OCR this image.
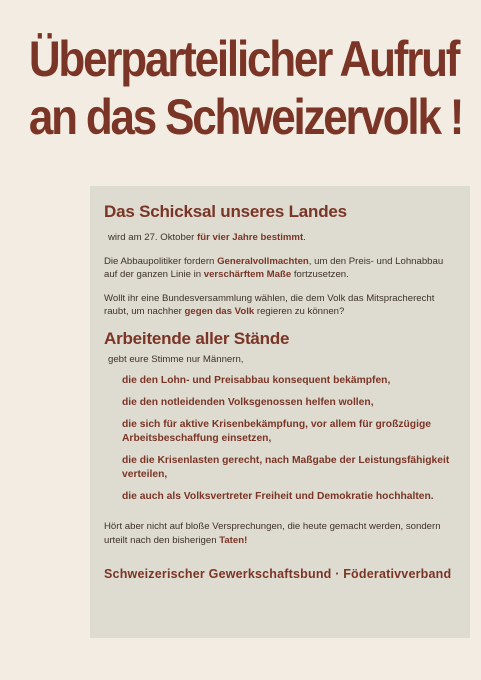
Überparteilicher Aufruf
an das Schweizervolk !
Das Schicksal unseres Landes

wird am 27. Oktober für vier Jahre bestimmt.

Die Abbaupolitiker fordern Generalvollmachten, um den Preis- und Lohnabbau auf der ganzen Linie in verschärftem Maße fortzusetzen.

Wollt ihr eine Bundesversammlung wählen, die dem Volk das Mitspracherecht raubt, um nachher gegen das Volk regieren zu können?

Arbeitende aller Stände

gebt eure Stimme nur Männern,

die den Lohn- und Preisabbau konsequent bekämpfen,

die den notleidenden Volksgenossen helfen wollen,

die sich für aktive Krisenbekämpfung, vor allem für großzügige Arbeitsbeschaffung einsetzen,

die die Krisenlasten gerecht, nach Maßgabe der Leistungsfähigkeit verteilen,

die auch als Volksvertreter Freiheit und Demokratie hochhalten.

Hört aber nicht auf bloße Versprechungen, die heute gemacht werden, sondern urteilt nach den bisherigen Taten!

Schweizerischer Gewerkschaftsbund · Föderativverband
